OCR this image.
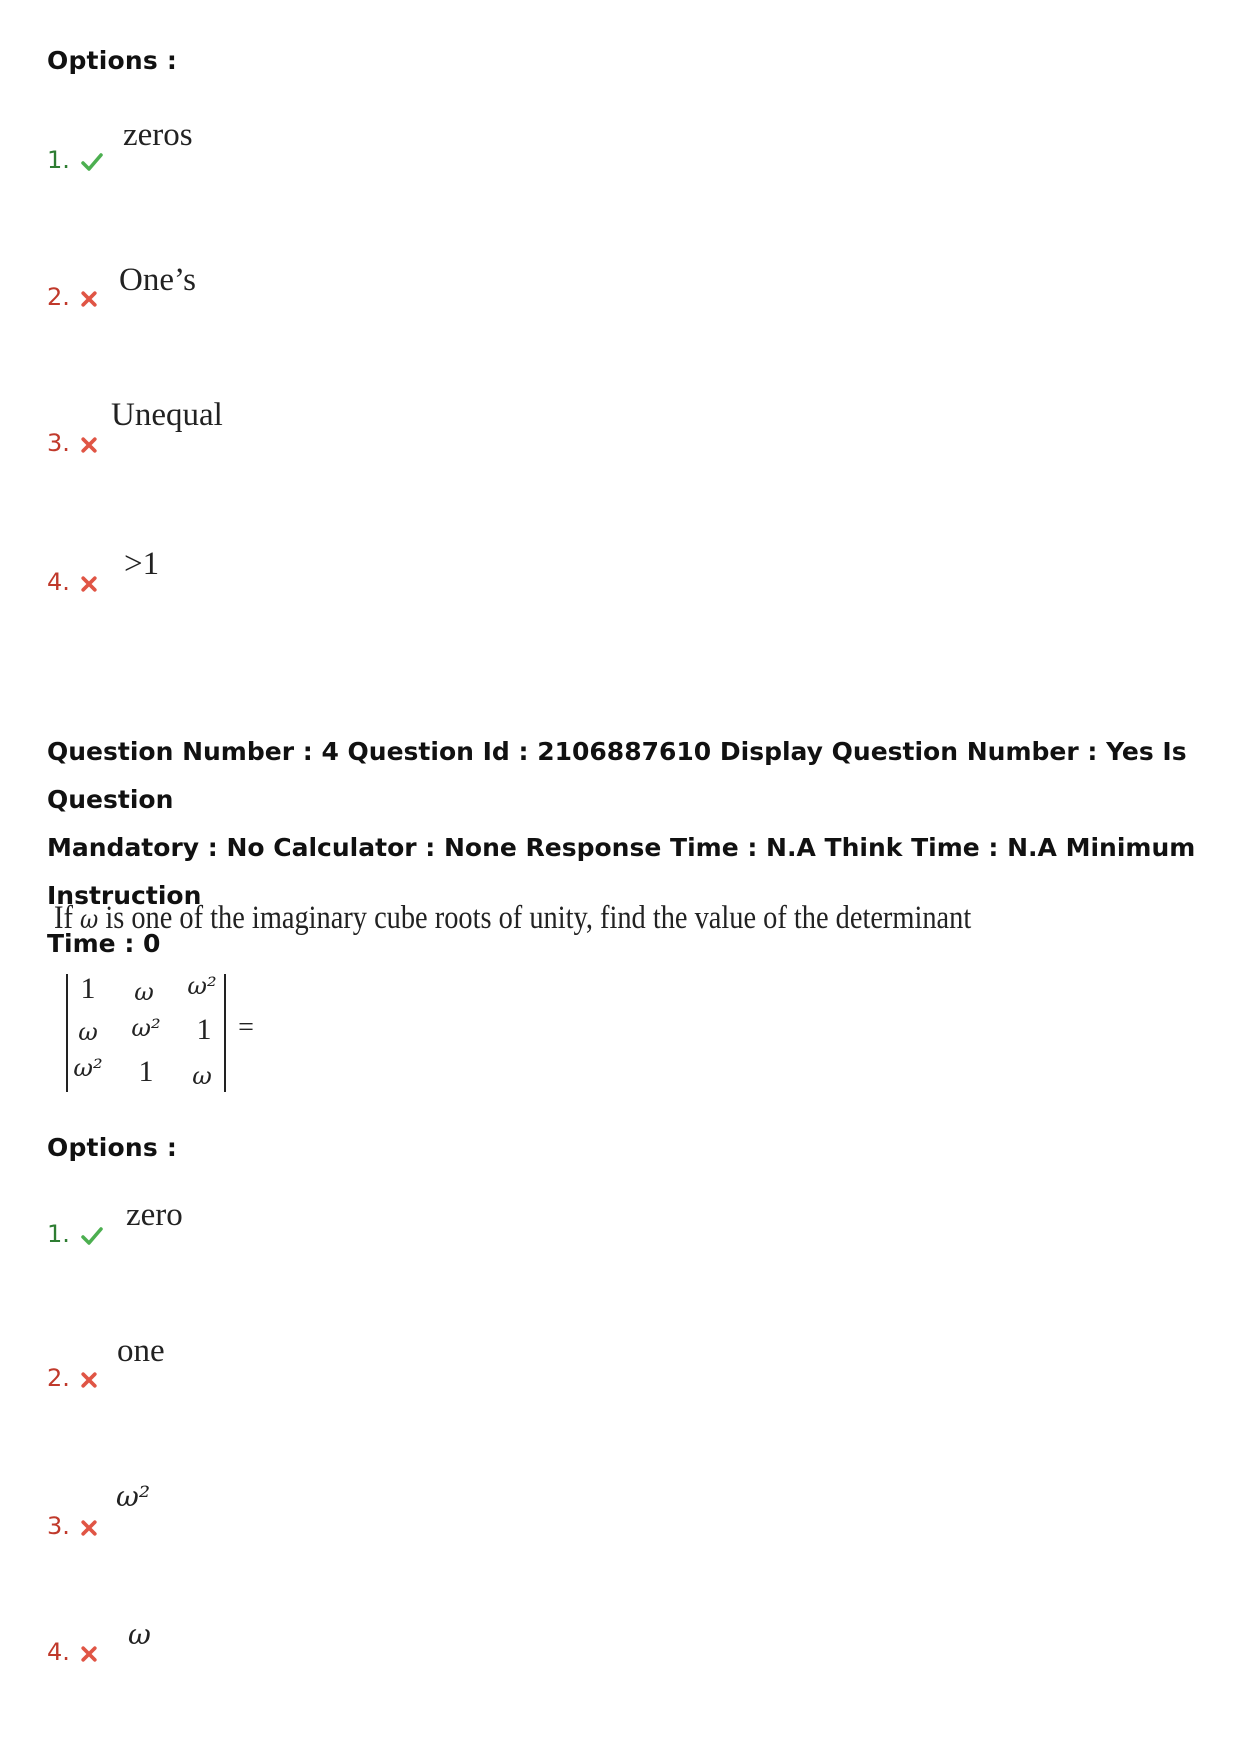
Options :
1.
zeros
2.	One’s
3.
Unequal
4.	>1
Question Number : 4 Question Id : 2106887610 Display Question Number : Yes Is Question
Mandatory : No Calculator : None Response Time : N.A Think Time : N.A Minimum Instruction
Time : 0
If ω is one of the imaginary cube roots of unity, find the value of the determinant
1	ω	ω²
ω	ω²	1
ω²	1	ω
=
Options :
1.
zero
2.
one
3.
ω²
4.
ω
